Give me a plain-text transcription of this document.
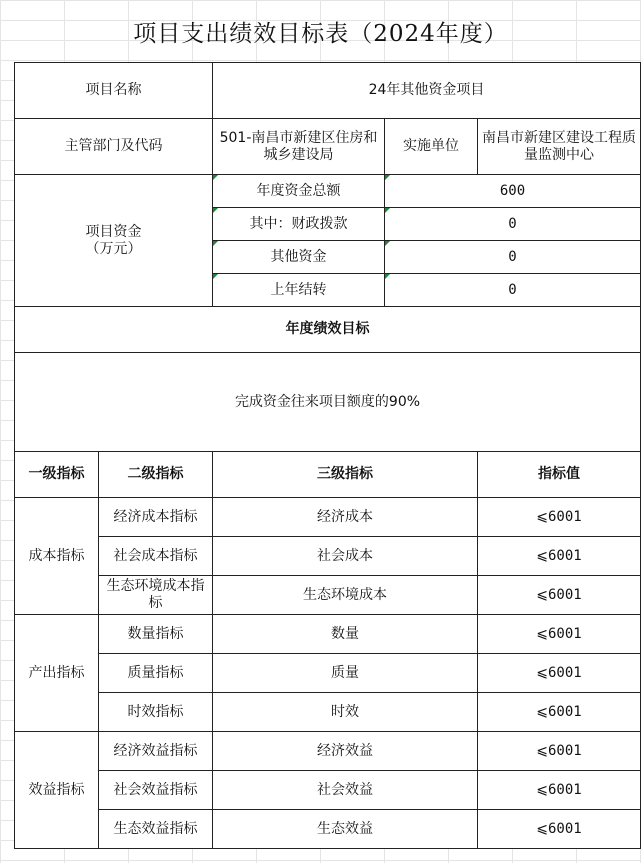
项目支出绩效目标表（2024年度）
项目名称		24年其他资金项目		
主管部门及代码		501-南昌市新建区住房和城乡建设局	实施单位	南昌市新建区建设工程质量监测中心
项目资金
（万元）		年度资金总额	600	
		其中：财政拨款	0	
		其他资金	0	
		上年结转	0	
年度绩效目标				
完成资金往来项目额度的90%				
一级指标	二级指标	三级指标		指标值
成本指标	经济成本指标	经济成本		⩽6001
	社会成本指标	社会成本		⩽6001
	生态环境成本指标	生态环境成本		⩽6001
产出指标	数量指标	数量		⩽6001
	质量指标	质量		⩽6001
	时效指标	时效		⩽6001
效益指标	经济效益指标	经济效益		⩽6001
	社会效益指标	社会效益		⩽6001
	生态效益指标	生态效益		⩽6001
